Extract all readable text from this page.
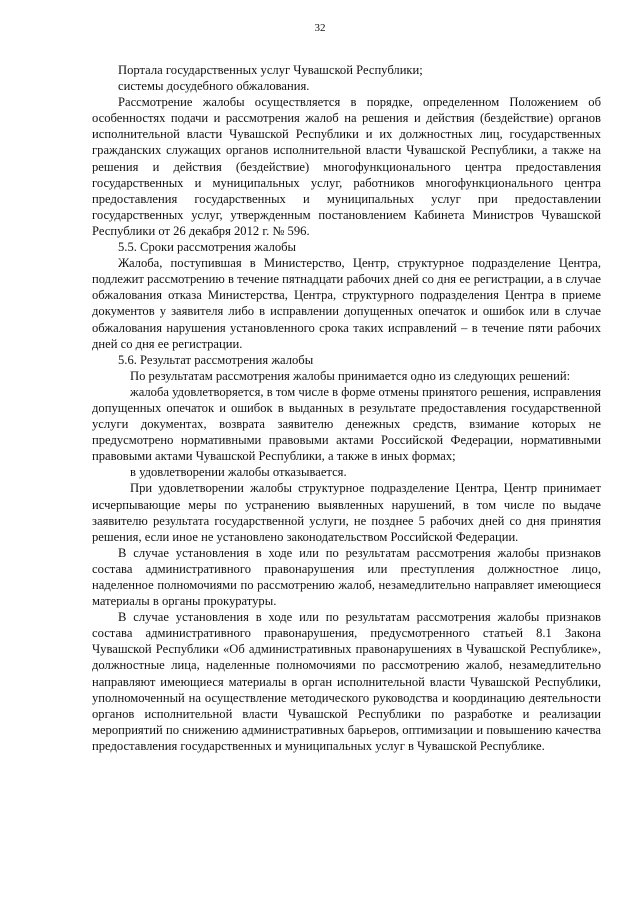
32

Портала государственных услуг Чувашской Республики;

системы досудебного обжалования.

Рассмотрение жалобы осуществляется в порядке, определенном Положением об особенностях подачи и рассмотрения жалоб на решения и действия (бездействие) органов исполнительной власти Чувашской Республики и их должностных лиц, государственных гражданских служащих органов исполнительной власти Чувашской Республики, а также на решения и действия (бездействие) многофункционального центра предоставления государственных и муниципальных услуг, работников многофункционального центра предоставления государственных и муниципальных услуг при предоставлении государственных услуг, утвержденным постановлением Кабинета Министров Чувашской Республики от 26 декабря 2012 г. № 596.

5.5. Сроки рассмотрения жалобы

Жалоба, поступившая в Министерство, Центр, структурное подразделение Центра, подлежит рассмотрению в течение пятнадцати рабочих дней со дня ее регистрации, а в случае обжалования отказа Министерства, Центра, структурного подразделения Центра в приеме документов у заявителя либо в исправлении допущенных опечаток и ошибок или в случае обжалования нарушения установленного срока таких исправлений – в течение пяти рабочих дней со дня ее регистрации.

5.6. Результат рассмотрения жалобы

По результатам рассмотрения жалобы принимается одно из следующих решений:

жалоба удовлетворяется, в том числе в форме отмены принятого решения, исправления допущенных опечаток и ошибок в выданных в результате предоставления государственной услуги документах, возврата заявителю денежных средств, взимание которых не предусмотрено нормативными правовыми актами Российской Федерации, нормативными правовыми актами Чувашской Республики, а также в иных формах;

в удовлетворении жалобы отказывается.

При удовлетворении жалобы структурное подразделение Центра, Центр принимает исчерпывающие меры по устранению выявленных нарушений, в том числе по выдаче заявителю результата государственной услуги, не позднее 5 рабочих дней со дня принятия решения, если иное не установлено законодательством Российской Федерации.

В случае установления в ходе или по результатам рассмотрения жалобы признаков состава административного правонарушения или преступления должностное лицо, наделенное полномочиями по рассмотрению жалоб, незамедлительно направляет имеющиеся материалы в органы прокуратуры.

В случае установления в ходе или по результатам рассмотрения жалобы признаков состава административного правонарушения, предусмотренного статьей 8.1 Закона Чувашской Республики «Об административных правонарушениях в Чувашской Республике», должностные лица, наделенные полномочиями по рассмотрению жалоб, незамедлительно направляют имеющиеся материалы в орган исполнительной власти Чувашской Республики, уполномоченный на осуществление методического руководства и координацию деятельности органов исполнительной власти Чувашской Республики по разработке и реализации мероприятий по снижению административных барьеров, оптимизации и повышению качества предоставления государственных и муниципальных услуг в Чувашской Республике.
